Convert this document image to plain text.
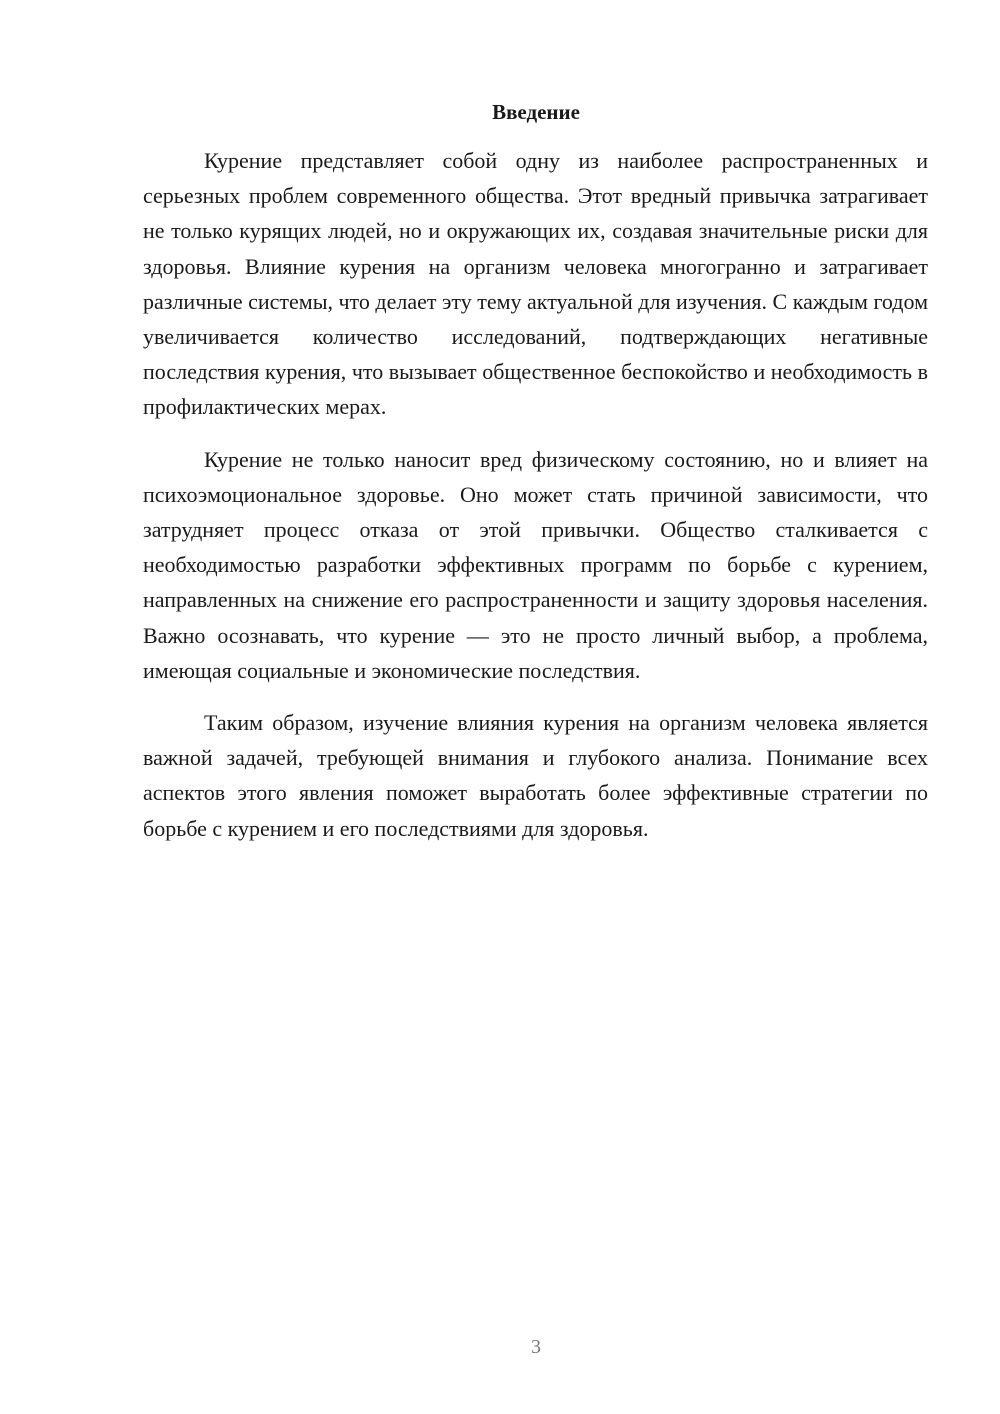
Введение

Курение представляет собой одну из наиболее распространенных и серьезных проблем современного общества. Этот вредный привычка затрагивает не только курящих людей, но и окружающих их, создавая значительные риски для здоровья. Влияние курения на организм человека многогранно и затрагивает различные системы, что делает эту тему актуальной для изучения. С каждым годом увеличивается количество исследований, подтверждающих негативные последствия курения, что вызывает общественное беспокойство и необходимость в профилактических мерах.

Курение не только наносит вред физическому состоянию, но и влияет на психоэмоциональное здоровье. Оно может стать причиной зависимости, что затрудняет процесс отказа от этой привычки. Общество сталкивается с необходимостью разработки эффективных программ по борьбе с курением, направленных на снижение его распространенности и защиту здоровья населения. Важно осознавать, что курение — это не просто личный выбор, а проблема, имеющая социальные и экономические последствия.

Таким образом, изучение влияния курения на организм человека является важной задачей, требующей внимания и глубокого анализа. Понимание всех аспектов этого явления поможет выработать более эффективные стратегии по борьбе с курением и его последствиями для здоровья.

3
